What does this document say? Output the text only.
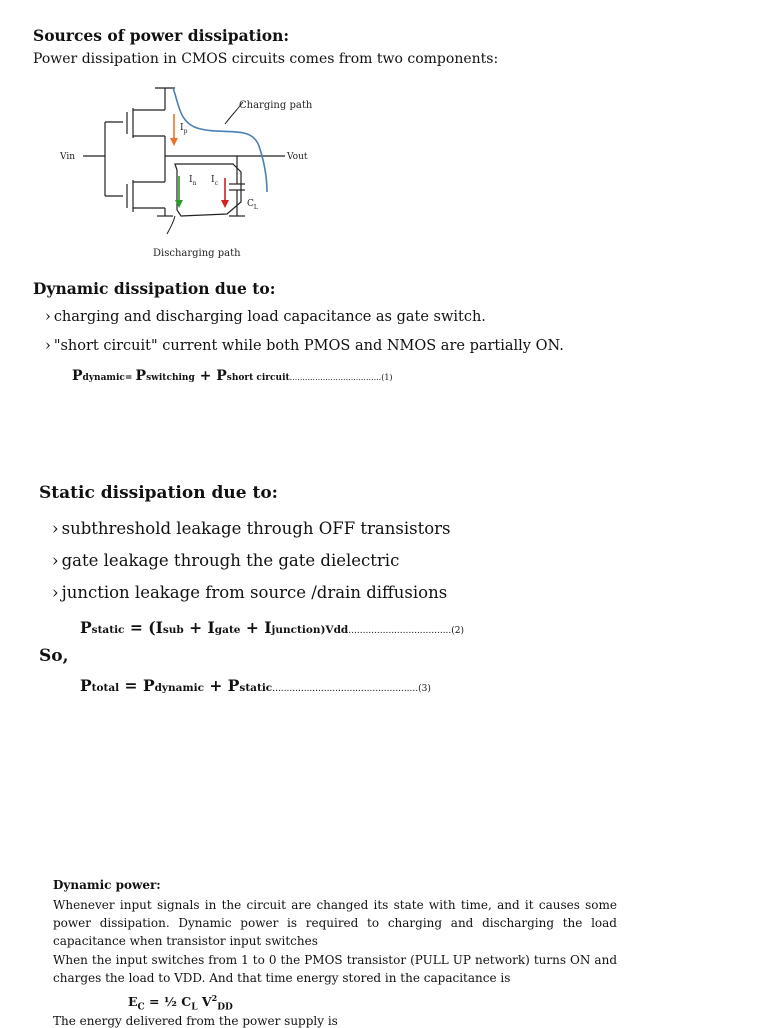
Sources of power dissipation:
Power dissipation in CMOS circuits comes from two components:
Vin	Vout
Charging path
Discharging path
$I_p$
$I_n$ $I_c$
$C_L$
Dynamic dissipation due to:
› charging and discharging load capacitance as gate switch.
› "short circuit" current while both PMOS and NMOS are partially ON.
Pdynamic= Pswitching + Pshort circuit....................................(1)
Static dissipation due to:
› subthreshold leakage through OFF transistors
› gate leakage through the gate dielectric
› junction leakage from source /drain diffusions
Pstatic = (Isub + Igate + Ijunction)Vdd....................................(2)
So,
Ptotal = Pdynamic + Pstatic...................................................(3)
Dynamic power:
Whenever input signals in the circuit are changed its state with time, and it causes some power dissipation. Dynamic power is required to charging and discharging the load capacitance when transistor input switches
When the input switches from 1 to 0 the PMOS transistor (PULL UP network) turns ON and charges the load to VDD. And that time energy stored in the capacitance is
$E_C$ = ½ $C_L$ $V^2_{DD}$
The energy delivered from the power supply is
